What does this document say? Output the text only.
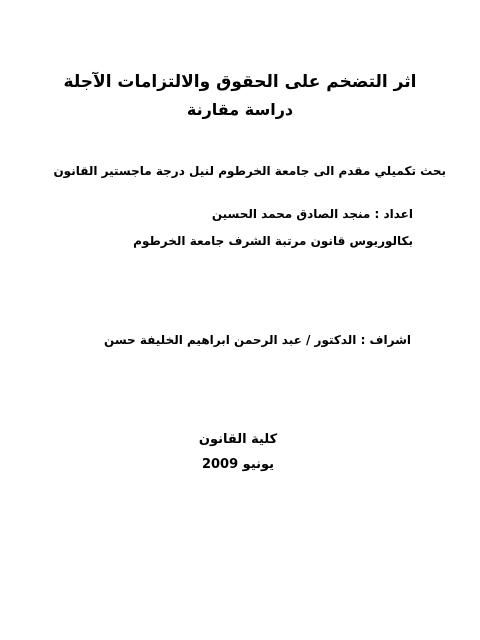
اثر التضخم على الحقوق والالتزامات الآجلة
دراسة مقارنة
بحث تكميلي مقدم الى جامعة الخرطوم لنيل درجة ماجستير القانون
اعداد : منجد الصادق محمد الحسين
بكالوريوس قانون مرتبة الشرف جامعة الخرطوم
اشراف : الدكتور / عبد الرحمن ابراهيم الخليفة حسن
كلية القانون
يونيو 2009
